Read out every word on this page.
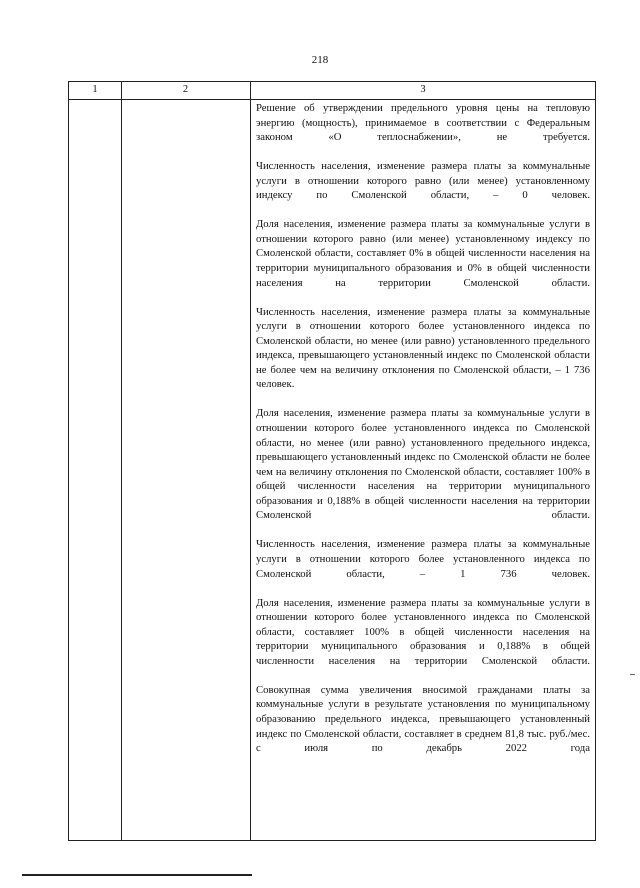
218
1	2	3

Решение об утверждении предельного уровня цены на тепловую энергию (мощность), принимаемое в соответствии с Федеральным законом «О теплоснабжении», не требуется.

Численность населения, изменение размера платы за коммунальные услуги в отношении которого равно (или менее) установленному индексу по Смоленской области, – 0 человек.

Доля населения, изменение размера платы за коммунальные услуги в отношении которого равно (или менее) установленному индексу по Смоленской области, составляет 0% в общей численности населения на территории муниципального образования и 0% в общей численности населения на территории Смоленской области.

Численность населения, изменение размера платы за коммунальные услуги в отношении которого более установленного индекса по Смоленской области, но менее (или равно) установленного предельного индекса, превышающего установленный индекс по Смоленской области не более чем на величину отклонения по Смоленской области, – 1 736 человек.

Доля населения, изменение размера платы за коммунальные услуги в отношении которого более установленного индекса по Смоленской области, но менее (или равно) установленного предельного индекса, превышающего установленный индекс по Смоленской области не более чем на величину отклонения по Смоленской области, составляет 100% в общей численности населения на территории муниципального образования и 0,188% в общей численности населения на территории Смоленской области.

Численность населения, изменение размера платы за коммунальные услуги в отношении которого более установленного индекса по Смоленской области, – 1 736 человек.

Доля населения, изменение размера платы за коммунальные услуги в отношении которого более установленного индекса по Смоленской области, составляет 100% в общей численности населения на территории муниципального образования и 0,188% в общей численности населения на территории Смоленской области.

Совокупная сумма увеличения вносимой гражданами платы за коммунальные услуги в результате установления по муниципальному образованию предельного индекса, превышающего установленный индекс по Смоленской области, составляет в среднем 81,8 тыс. руб./мес. с июля по декабрь 2022 года
